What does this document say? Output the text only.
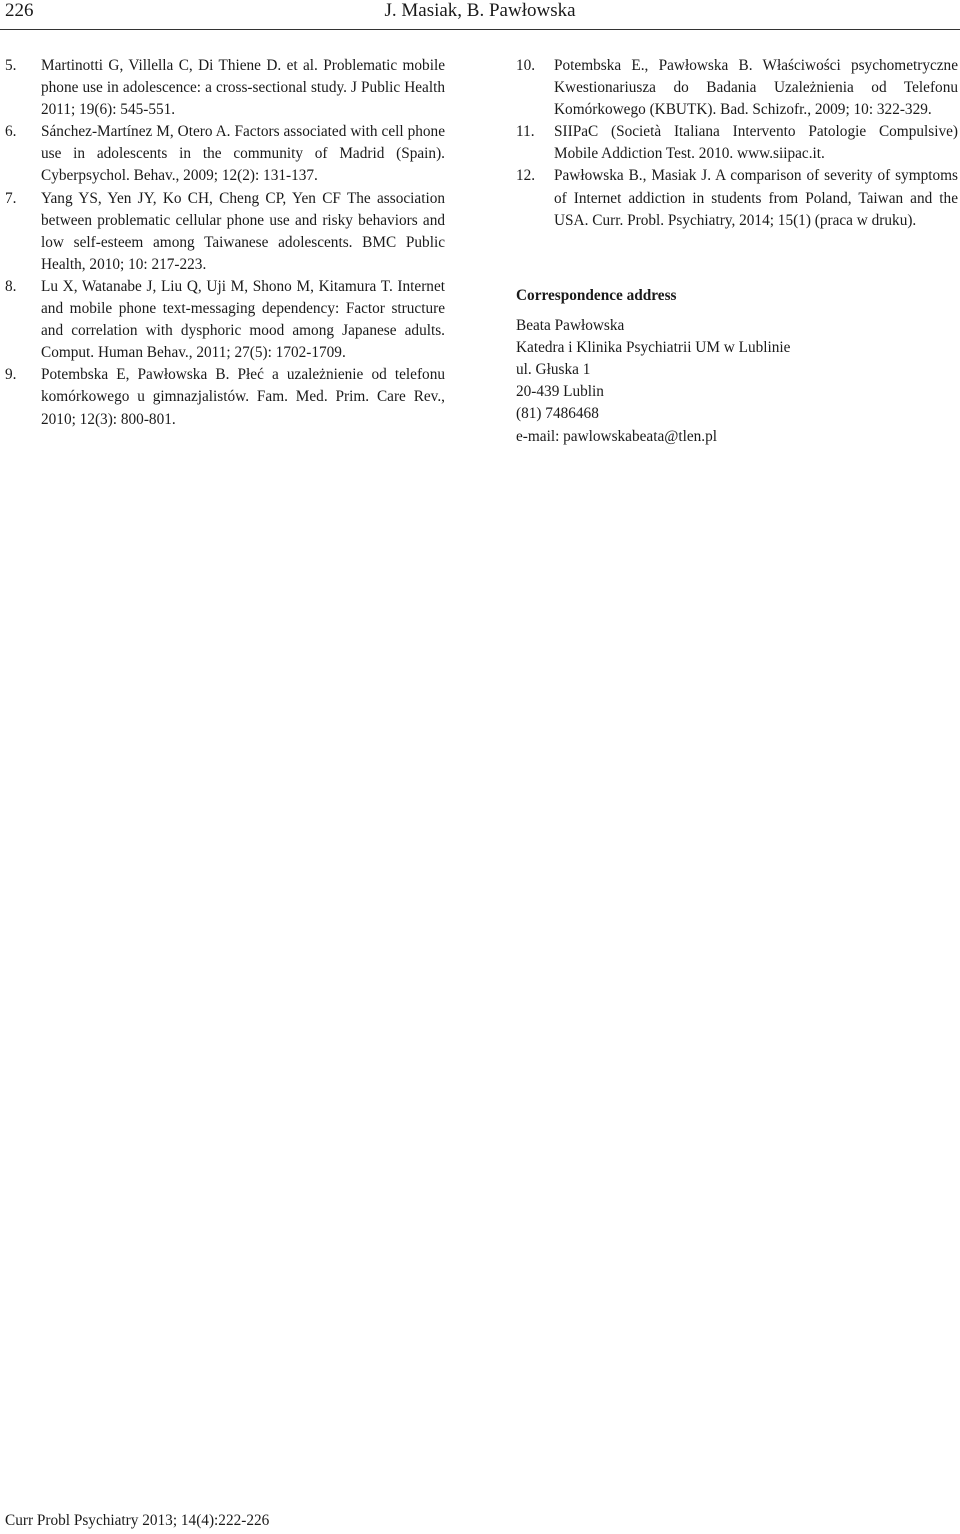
226	J. Masiak, B. Pawłowska
5. Martinotti G, Villella C, Di Thiene D. et al. Problematic mobile phone use in adolescence: a cross-sectional study. J Public Health 2011; 19(6): 545-551.
6. Sánchez-Martínez M, Otero A. Factors associated with cell phone use in adolescents in the community of Madrid (Spain). Cyberpsychol. Behav., 2009; 12(2): 131-137.
7. Yang YS, Yen JY, Ko CH, Cheng CP, Yen CF The association between problematic cellular phone use and risky behaviors and low self-esteem among Taiwanese adolescents. BMC Public Health, 2010; 10: 217-223.
8. Lu X, Watanabe J, Liu Q, Uji M, Shono M, Kitamura T. Internet and mobile phone text-messaging dependency: Factor structure and correlation with dysphoric mood among Japanese adults. Comput. Human Behav., 2011; 27(5): 1702-1709.
9. Potembska E, Pawłowska B. Płeć a uzależnienie od telefonu komórkowego u gimnazjalistów. Fam. Med. Prim. Care Rev., 2010; 12(3): 800-801.
10. Potembska E., Pawłowska B. Właściwości psychometryczne Kwestionariusza do Badania Uzależnienia od Telefonu Komórkowego (KBUTK). Bad. Schizofr., 2009; 10: 322-329.
11. SIIPaC (Società Italiana Intervento Patologie Compulsive) Mobile Addiction Test. 2010. www.siipac.it.
12. Pawłowska B., Masiak J. A comparison of severity of symptoms of Internet addiction in students from Poland, Taiwan and the USA. Curr. Probl. Psychiatry, 2014; 15(1) (praca w druku).
Correspondence address
Beata Pawłowska
Katedra i Klinika Psychiatrii UM w Lublinie
ul. Głuska 1
20-439 Lublin
(81) 7486468
e-mail: pawlowskabeata@tlen.pl
Curr Probl Psychiatry 2013; 14(4):222-226
